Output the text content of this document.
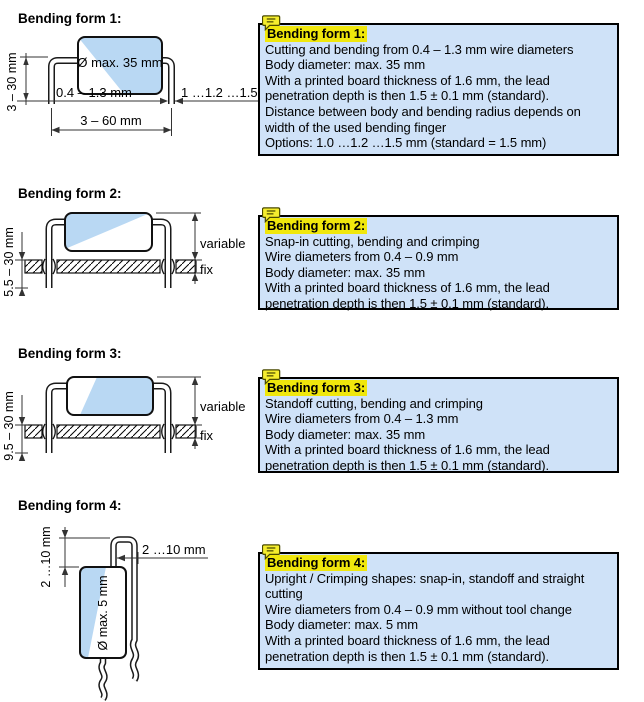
Bending form 1:
Ø max. 35 mm
3 – 30 mm	0.4 – 1.3 mm	1 …1.2 …1.5
3 – 60 mm
Bending form 1:
Cutting and bending from 0.4 – 1.3 mm wire diameters
Body diameter: max. 35 mm
With a printed board thickness of 1.6 mm, the lead
penetration depth is then 1.5 ± 0.1 mm (standard).
Distance between body and bending radius depends on
width of the used bending finger
Options: 1.0 …1.2 …1.5 mm (standard = 1.5 mm)
Bending form 2:
variable
fix
5.5 – 30 mm
Bending form 2:
Snap-in cutting, bending and crimping
Wire diameters from 0.4 – 0.9 mm
Body diameter: max. 35 mm
With a printed board thickness of 1.6 mm, the lead
penetration depth is then 1.5 ± 0.1 mm (standard).
Bending form 3:
variable
fix
9.5 – 30 mm
Bending form 3:
Standoff cutting, bending and crimping
Wire diameters from 0.4 – 1.3 mm
Body diameter: max. 35 mm
With a printed board thickness of 1.6 mm, the lead
penetration depth is then 1.5 ± 0.1 mm (standard).
Bending form 4:
Ø max. 5 mm
2 …10 mm	2 …10 mm
Bending form 4:
Upright / Crimping shapes: snap-in, standoff and straight
cutting
Wire diameters from 0.4 – 0.9 mm without tool change
Body diameter: max. 5 mm
With a printed board thickness of 1.6 mm, the lead
penetration depth is then 1.5 ± 0.1 mm (standard).
